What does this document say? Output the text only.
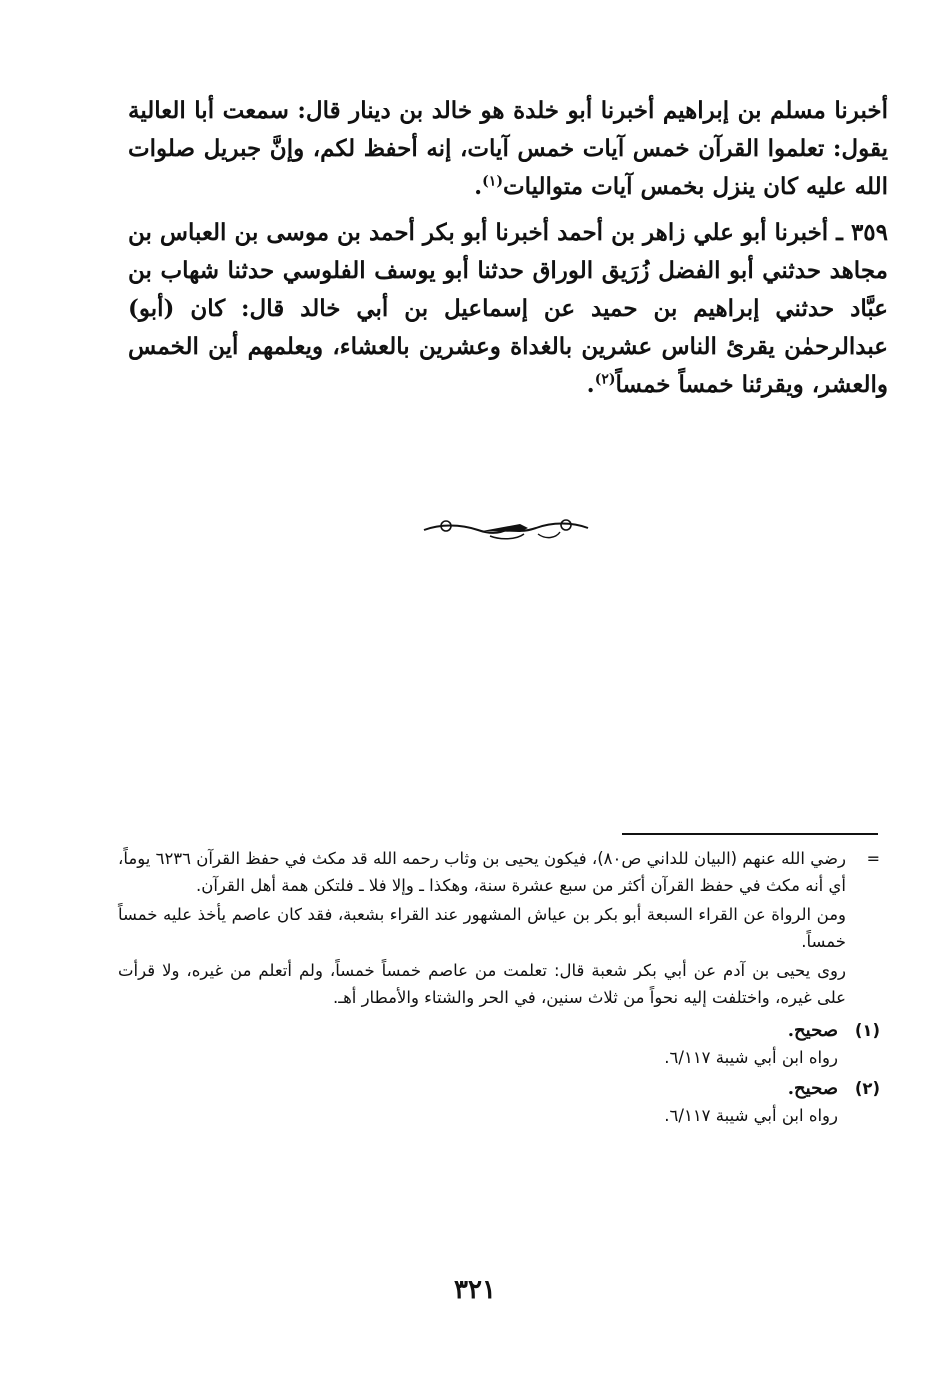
أخبرنا مسلم بن إبراهيم أخبرنا أبو خلدة هو خالد بن دينار قال: سمعت أبا العالية يقول: تعلموا القرآن خمس آيات خمس آيات، إنه أحفظ لكم، وإنَّ جبريل صلوات الله عليه كان ينزل بخمس آيات متواليات$^{(١)}$.

٣٥٩ ـ أخبرنا أبو علي زاهر بن أحمد أخبرنا أبو بكر أحمد بن موسى بن العباس بن مجاهد حدثني أبو الفضل زُرَيق الوراق حدثنا أبو يوسف الفلوسي حدثنا شهاب بن عبَّاد حدثني إبراهيم بن حميد عن إسماعيل بن أبي خالد قال: كان (أبو) عبدالرحمٰن يقرئ الناس عشرين بالغداة وعشرين بالعشاء، ويعلمهم أين الخمس والعشر، ويقرئنا خمساً خمساً$^{(٢)}$.

=

رضي الله عنهم (البيان للداني ص٨٠)، فيكون يحيى بن وثاب رحمه الله قد مكث في حفظ القرآن ٦٢٣٦ يوماً، أي أنه مكث في حفظ القرآن أكثر من سبع عشرة سنة، وهكذا ـ وإلا فلا ـ فلتكن همة أهل القرآن.

ومن الرواة عن القراء السبعة أبو بكر بن عياش المشهور عند القراء بشعبة، فقد كان عاصم يأخذ عليه خمساً خمساً.

روى يحيى بن آدم عن أبي بكر شعبة قال: تعلمت من عاصم خمساً خمساً، ولم أتعلم من غيره، ولا قرأت على غيره، واختلفت إليه نحواً من ثلاث سنين، في الحر والشتاء والأمطار أهـ.

(١)
صحيح.
رواه ابن أبي شيبة ٦/١١٧.
(٢)
صحيح.
رواه ابن أبي شيبة ٦/١١٧.
٣٢١
